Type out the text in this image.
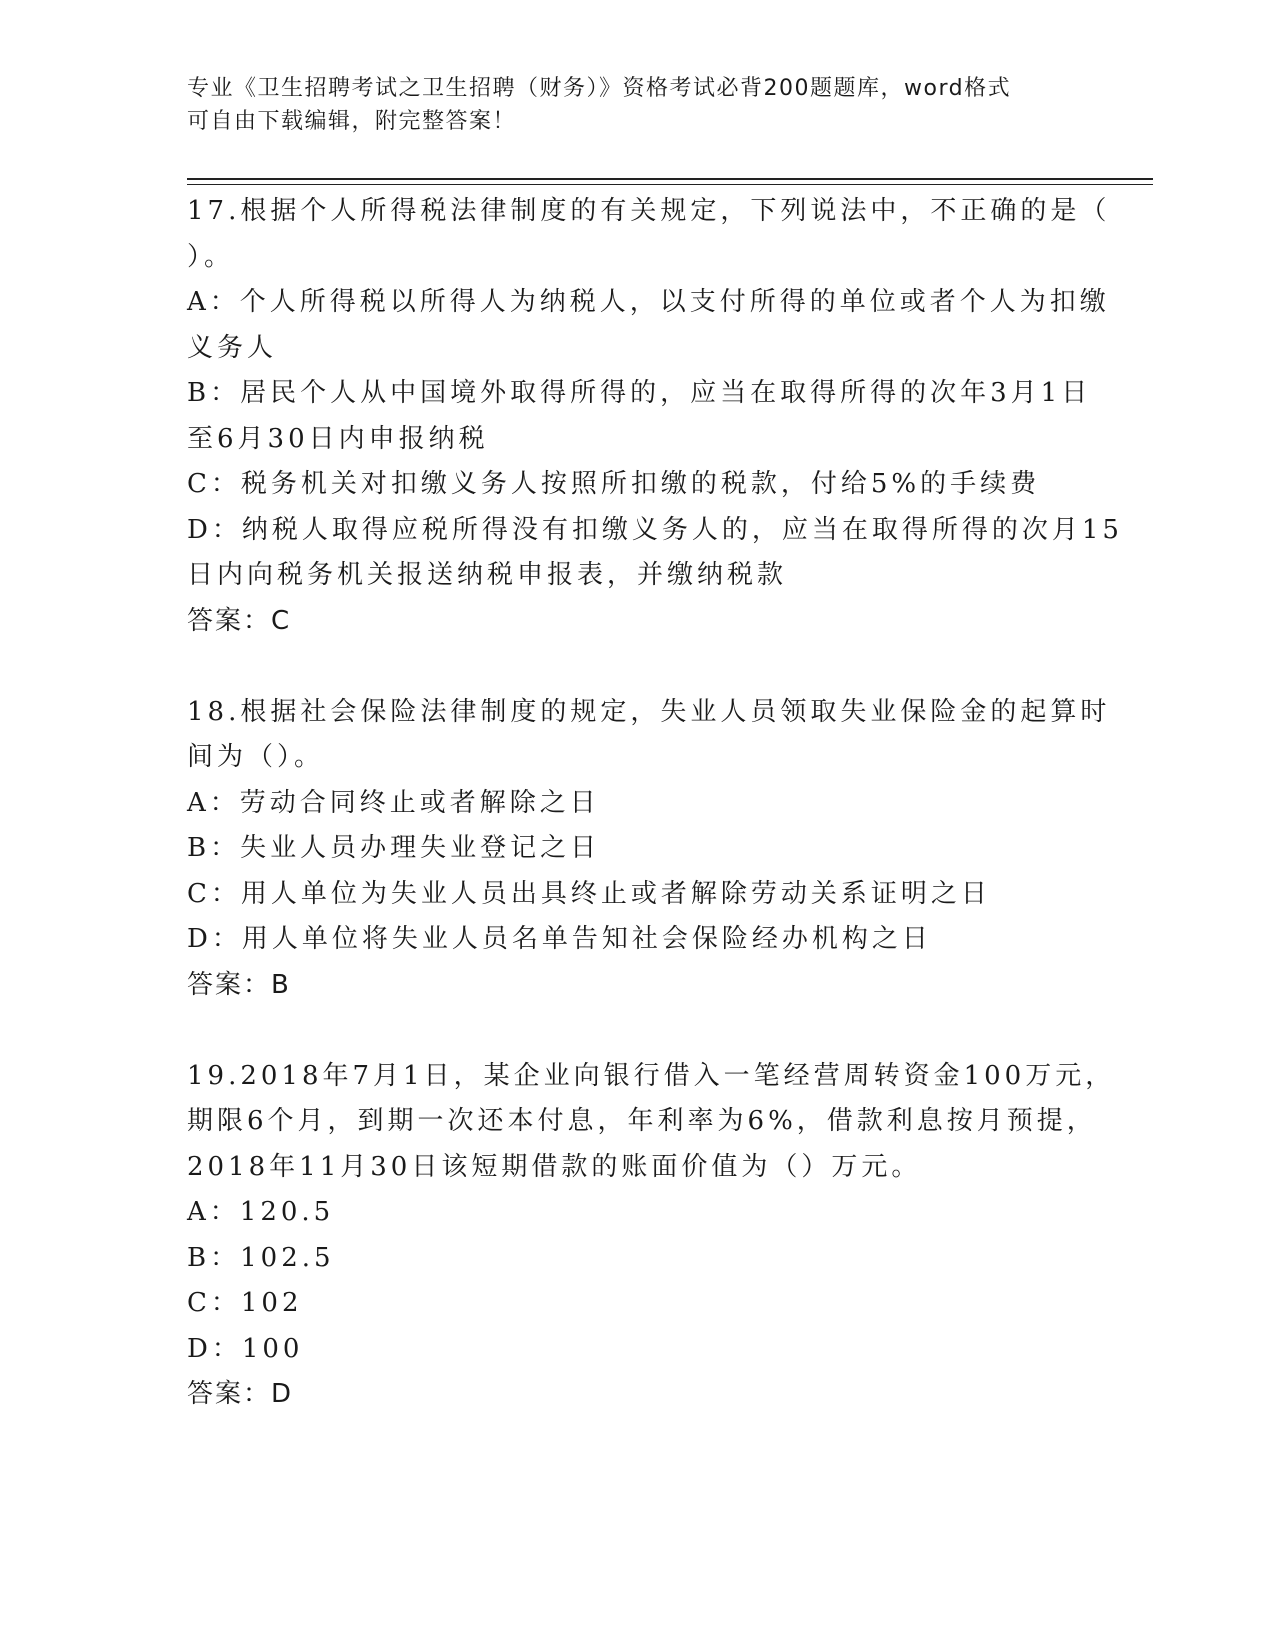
专业《卫生招聘考试之卫生招聘（财务）》资格考试必背200题题库，word格式
可自由下载编辑，附完整答案！
17.根据个人所得税法律制度的有关规定，下列说法中，不正确的是（
）。
A：个人所得税以所得人为纳税人，以支付所得的单位或者个人为扣缴
义务人
B：居民个人从中国境外取得所得的，应当在取得所得的次年3月1日
至6月30日内申报纳税
C：税务机关对扣缴义务人按照所扣缴的税款，付给5%的手续费
D：纳税人取得应税所得没有扣缴义务人的，应当在取得所得的次月15
日内向税务机关报送纳税申报表，并缴纳税款
答案：C
18.根据社会保险法律制度的规定，失业人员领取失业保险金的起算时
间为（）。
A：劳动合同终止或者解除之日
B：失业人员办理失业登记之日
C：用人单位为失业人员出具终止或者解除劳动关系证明之日
D：用人单位将失业人员名单告知社会保险经办机构之日
答案：B
19.2018年7月1日，某企业向银行借入一笔经营周转资金100万元，
期限6个月，到期一次还本付息，年利率为6%，借款利息按月预提，
2018年11月30日该短期借款的账面价值为（）万元。
A：120.5
B：102.5
C：102
D：100
答案：D
